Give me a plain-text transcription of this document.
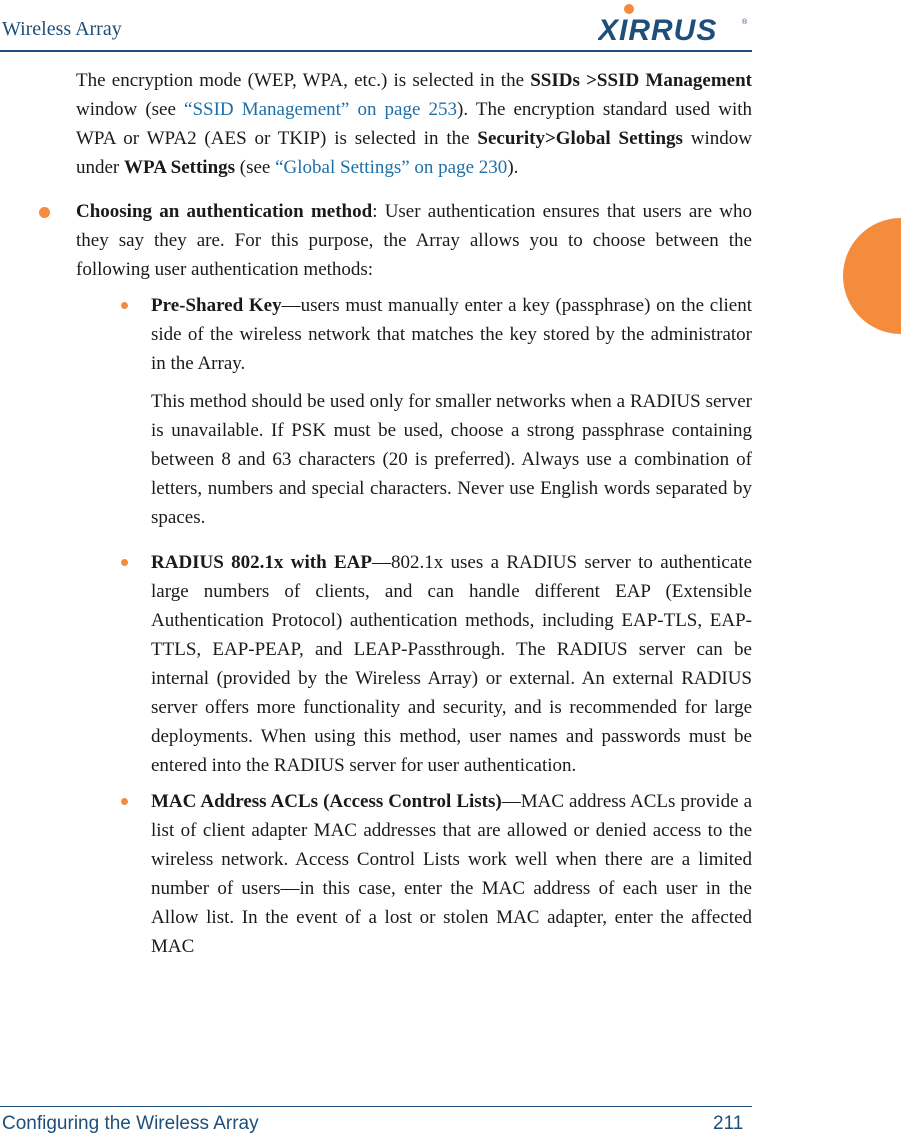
Wireless Array	XIRRUS	®

The encryption mode (WEP, WPA, etc.) is selected in the SSIDs >SSID Management window (see “SSID Management” on page 253). The encryption standard used with WPA or WPA2 (AES or TKIP) is selected in the Security>Global Settings window under WPA Settings (see “Global Settings” on page 230).

Choosing an authentication method: User authentication ensures that users are who they say they are. For this purpose, the Array allows you to choose between the following user authentication methods:

Pre-Shared Key—users must manually enter a key (passphrase) on the client side of the wireless network that matches the key stored by the administrator in the Array.

This method should be used only for smaller networks when a RADIUS server is unavailable. If PSK must be used, choose a strong passphrase containing between 8 and 63 characters (20 is preferred). Always use a combination of letters, numbers and special characters. Never use English words separated by spaces.

RADIUS 802.1x with EAP—802.1x uses a RADIUS server to authenticate large numbers of clients, and can handle different EAP (Extensible Authentication Protocol) authentication methods, including EAP-TLS, EAP-TTLS, EAP-PEAP, and LEAP-Passthrough. The RADIUS server can be internal (provided by the Wireless Array) or external. An external RADIUS server offers more functionality and security, and is recommended for large deployments. When using this method, user names and passwords must be entered into the RADIUS server for user authentication.

MAC Address ACLs (Access Control Lists)—MAC address ACLs provide a list of client adapter MAC addresses that are allowed or denied access to the wireless network. Access Control Lists work well when there are a limited number of users—in this case, enter the MAC address of each user in the Allow list. In the event of a lost or stolen MAC adapter, enter the affected MAC

Configuring the Wireless Array	211
